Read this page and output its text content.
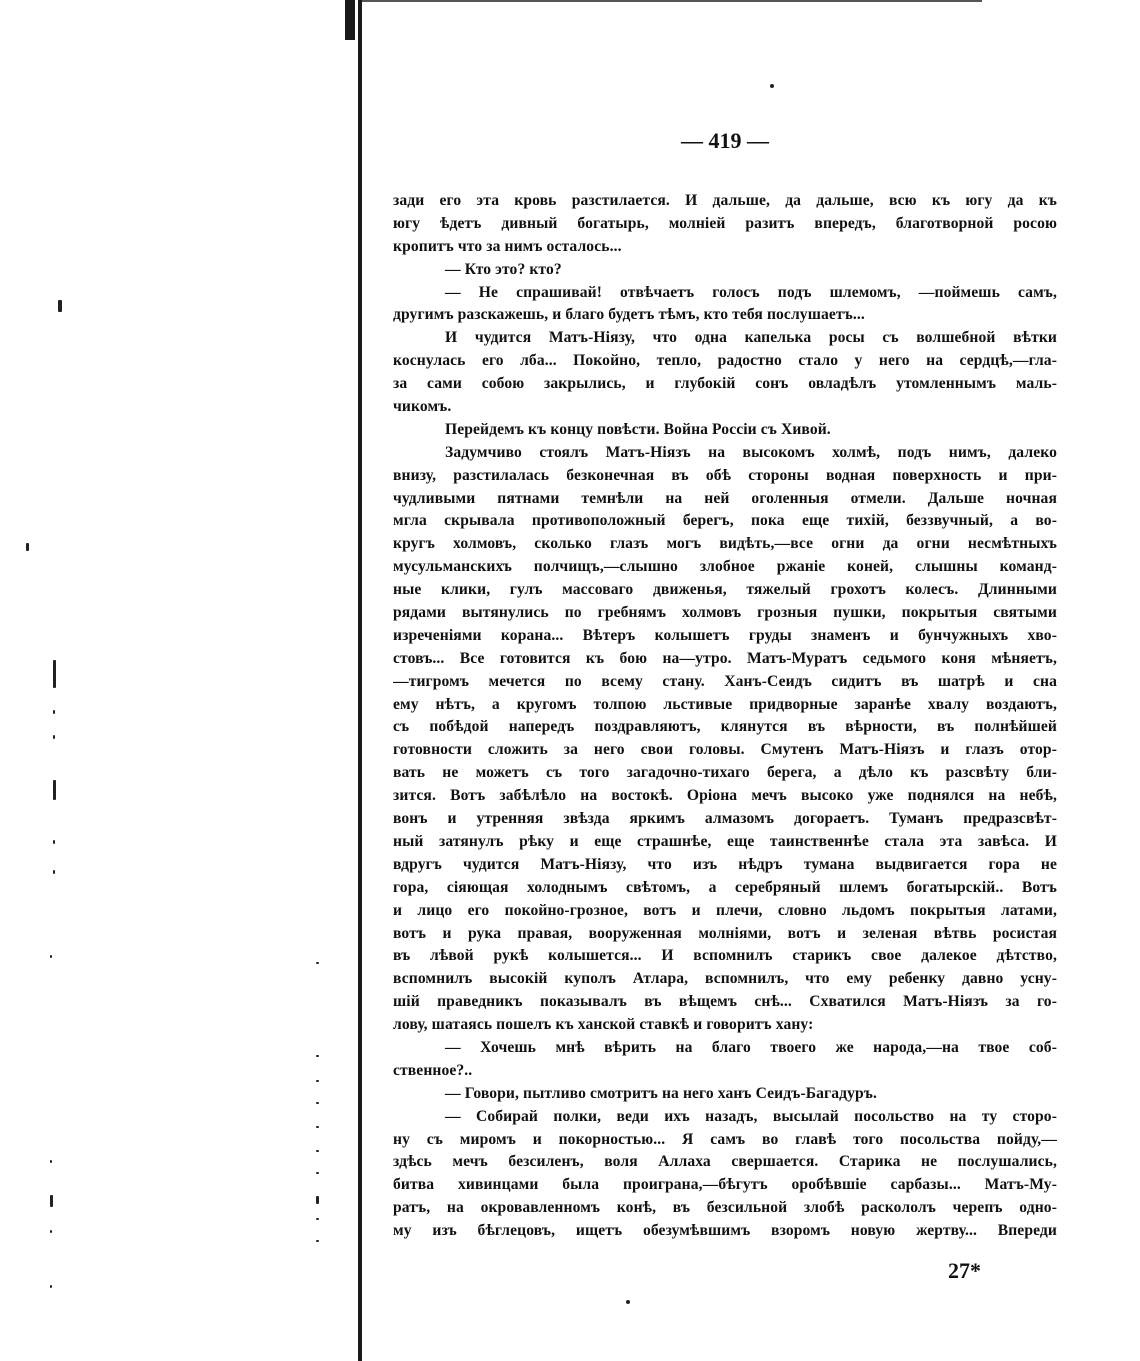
— 419 —
зади его эта кровь разстилается. И дальше, да дальше, всю къ югу да къ
югу ѣдетъ дивный богатырь, молніей разитъ впередъ, благотворной росою
кропитъ что за нимъ осталось...
— Кто это? кто?
— Не спрашивай! отвѣчаетъ голосъ подъ шлемомъ, —поймешь самъ,
другимъ разскажешь, и благо будетъ тѣмъ, кто тебя послушаетъ...
И чудится Матъ-Ніязу, что одна капелька росы съ волшебной вѣтки
коснулась его лба... Покойно, тепло, радостно стало у него на сердцѣ,—гла-
за сами собою закрылись, и глубокій сонъ овладѣлъ утомленнымъ маль-
чикомъ.
Перейдемъ къ концу повѣсти. Война Россіи съ Хивой.
Задумчиво стоялъ Матъ-Ніязъ на высокомъ холмѣ, подъ нимъ, далеко
внизу, разстилалась безконечная въ обѣ стороны водная поверхность и при-
чудливыми пятнами темнѣли на ней оголенныя отмели. Дальше ночная
мгла скрывала противоположный берегъ, пока еще тихій, беззвучный, а во-
кругъ холмовъ, сколько глазъ могъ видѣть,—все огни да огни несмѣтныхъ
мусульманскихъ полчищъ,—слышно злобное ржаніе коней, слышны команд-
ные клики, гулъ массоваго движенья, тяжелый грохотъ колесъ. Длинными
рядами вытянулись по гребнямъ холмовъ грозныя пушки, покрытыя святыми
изреченіями корана... Вѣтеръ колышетъ груды знаменъ и бунчужныхъ хво-
стовъ... Все готовится къ бою на—утро. Матъ-Муратъ седьмого коня мѣняетъ,
—тигромъ мечется по всему стану. Ханъ-Сеидъ сидитъ въ шатрѣ и сна
ему нѣтъ, а кругомъ толпою льстивые придворные заранѣе хвалу воздаютъ,
съ побѣдой напередъ поздравляютъ, клянутся въ вѣрности, въ полнѣйшей
готовности сложить за него свои головы. Смутенъ Матъ-Ніязъ и глазъ отор-
вать не можетъ съ того загадочно-тихаго берега, а дѣло къ разсвѣту бли-
зится. Вотъ забѣлѣло на востокѣ. Оріона мечъ высоко уже поднялся на небѣ,
вонъ и утренняя звѣзда яркимъ алмазомъ догораетъ. Туманъ предразсвѣт-
ный затянулъ рѣку и еще страшнѣе, еще таинственнѣе стала эта завѣса. И
вдругъ чудится Матъ-Ніязу, что изъ нѣдръ тумана выдвигается гора не
гора, сіяющая холоднымъ свѣтомъ, а серебряный шлемъ богатырскій.. Вотъ
и лицо его покойно-грозное, вотъ и плечи, словно льдомъ покрытыя латами,
вотъ и рука правая, вооруженная молніями, вотъ и зеленая вѣтвь росистая
въ лѣвой рукѣ колышется... И вспомнилъ старикъ свое далекое дѣтство,
вспомнилъ высокій куполъ Атлара, вспомнилъ, что ему ребенку давно усну-
шій праведникъ показывалъ въ вѣщемъ снѣ... Схватился Матъ-Ніязъ за го-
лову, шатаясь пошелъ къ ханской ставкѣ и говоритъ хану:
— Хочешь мнѣ вѣрить на благо твоего же народа,—на твое соб-
ственное?..
— Говори, пытливо смотритъ на него ханъ Сеидъ-Багадуръ.
— Собирай полки, веди ихъ назадъ, высылай посольство на ту сторо-
ну съ миромъ и покорностью... Я самъ во главѣ того посольства пойду,—
здѣсь мечъ безсиленъ, воля Аллаха свершается. Старика не послушались,
битва хивинцами была проиграна,—бѣгутъ оробѣвшіе сарбазы... Матъ-Му-
ратъ, на окровавленномъ конѣ, въ безсильной злобѣ раскололъ черепъ одно-
му изъ бѣглецовъ, ищетъ обезумѣвшимъ взоромъ новую жертву... Впереди
27*
